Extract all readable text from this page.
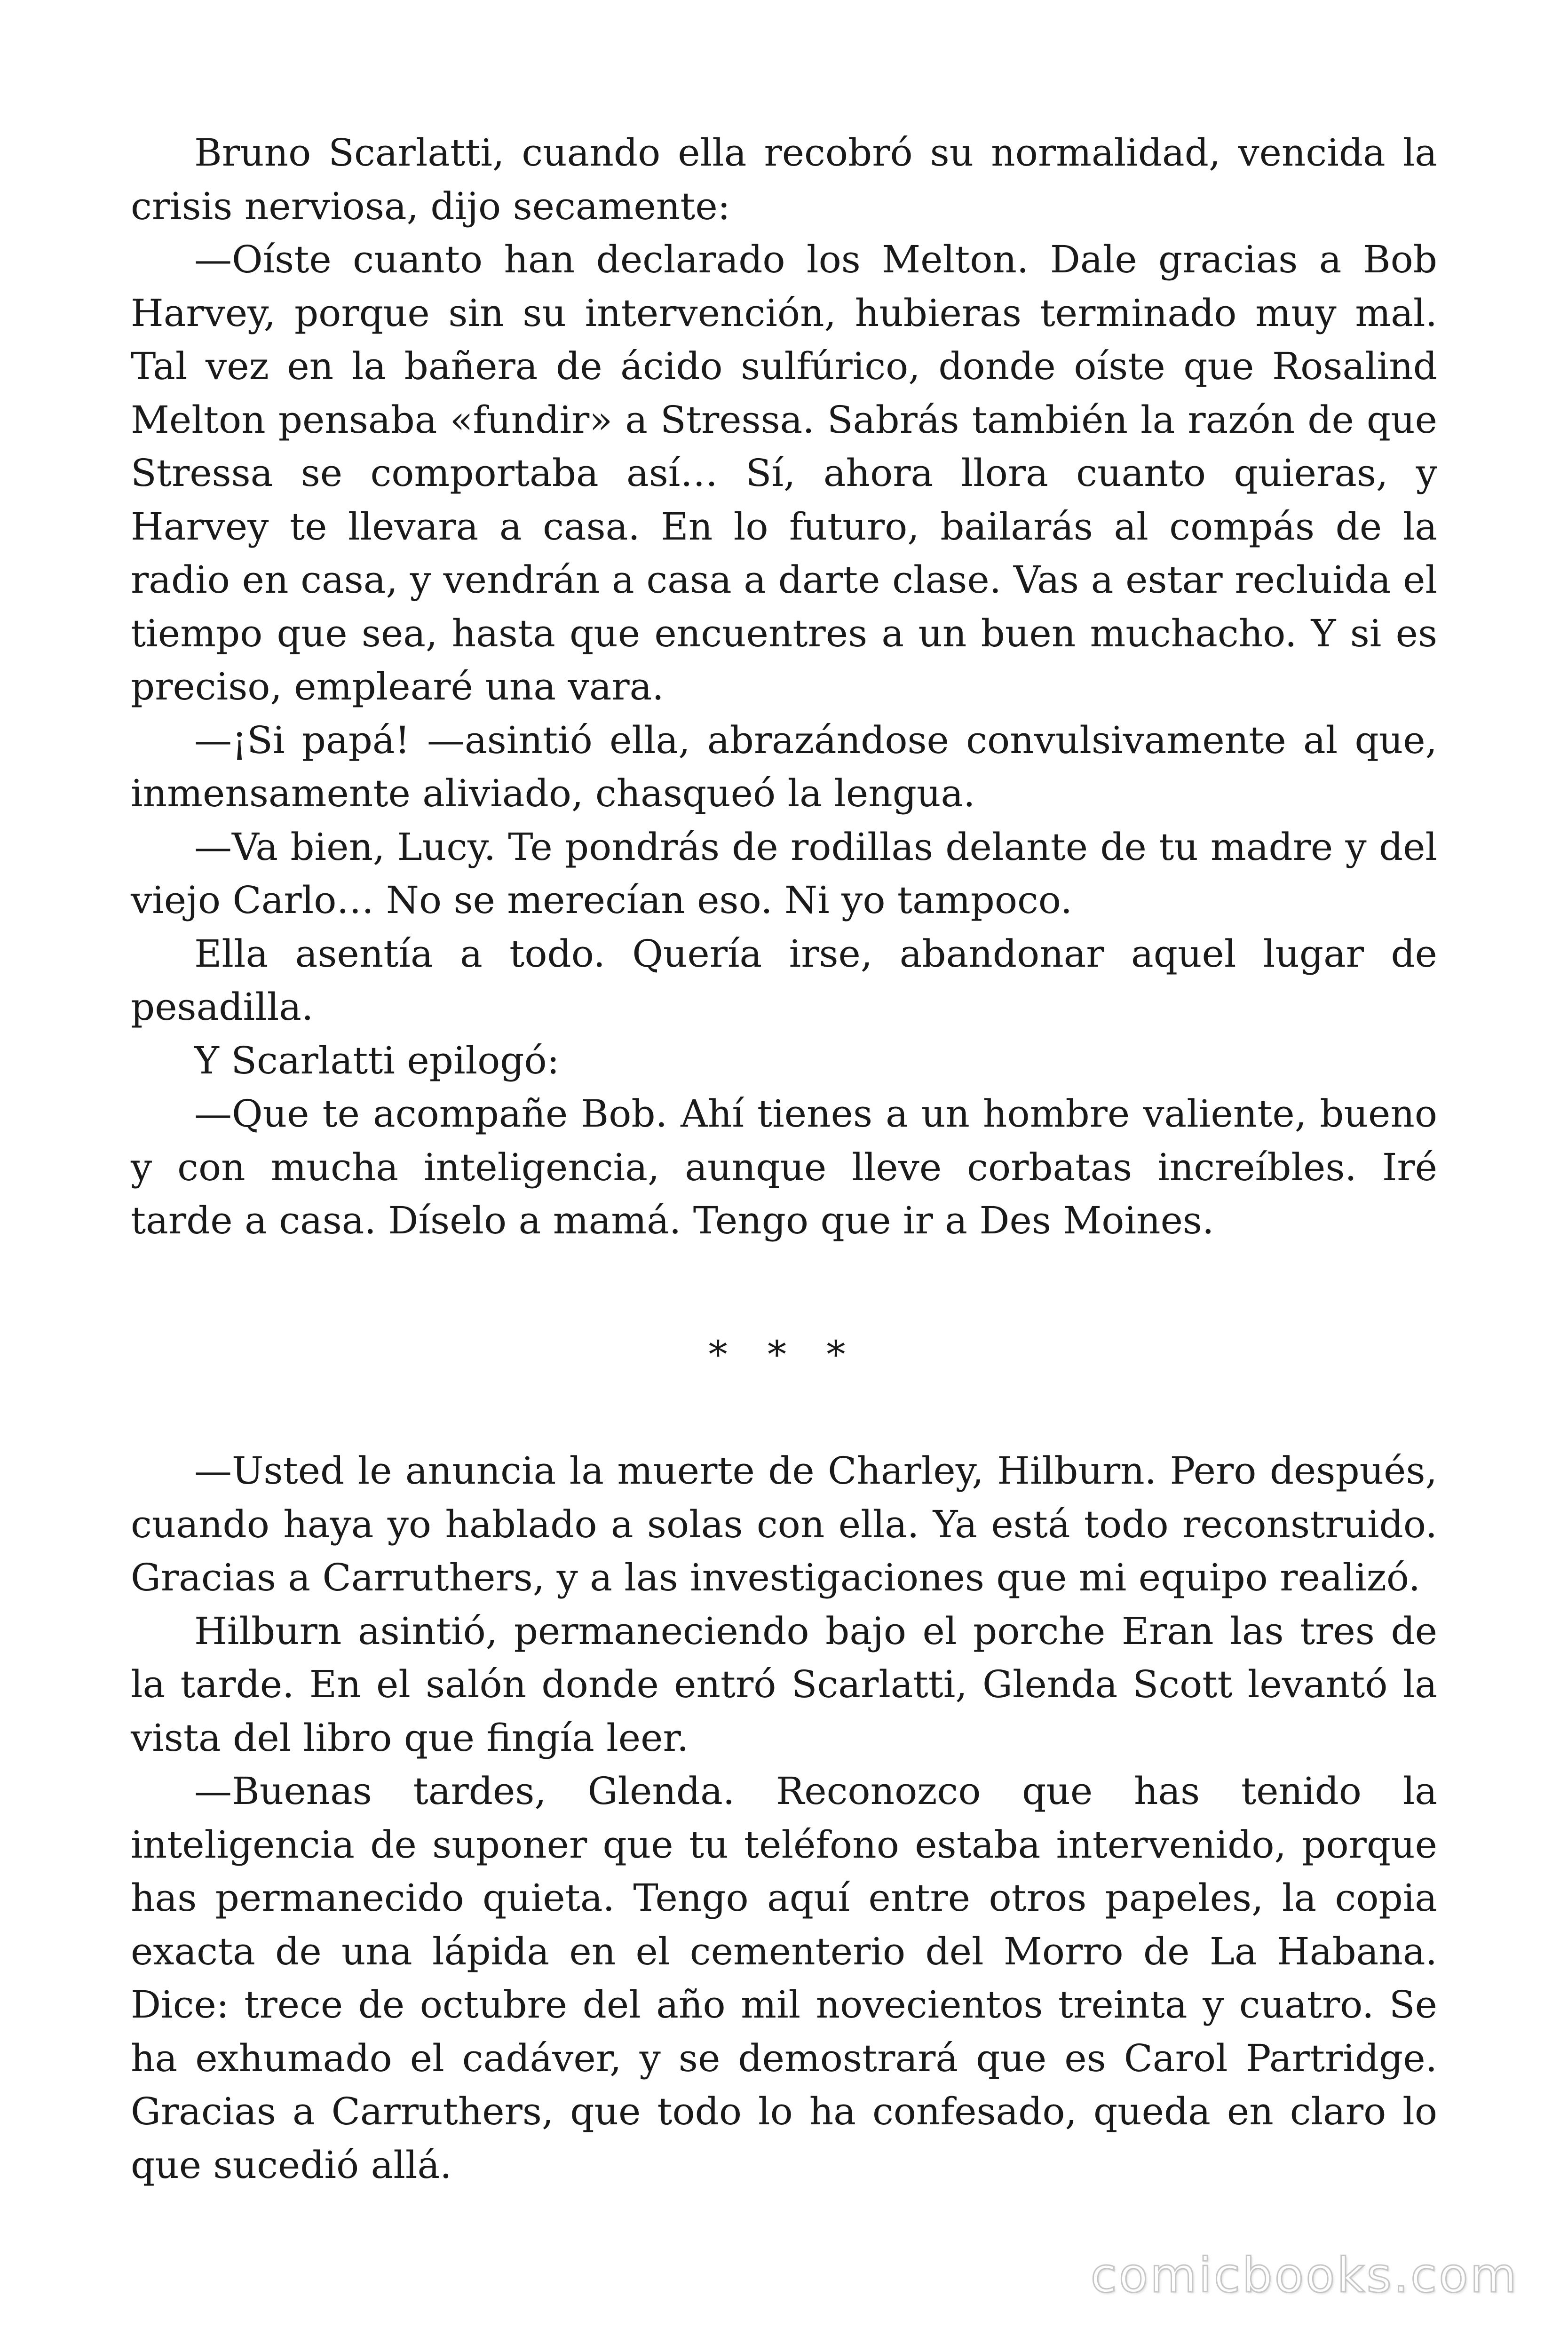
Bruno Scarlatti, cuando ella recobró su normalidad, vencida la crisis nerviosa, dijo secamente:

—Oíste cuanto han declarado los Melton. Dale gracias a Bob Harvey, porque sin su intervención, hubieras terminado muy mal. Tal vez en la bañera de ácido sulfúrico, donde oíste que Rosalind Melton pensaba «fundir» a Stressa. Sabrás también la razón de que Stressa se comportaba así… Sí, ahora llora cuanto quieras, y Harvey te llevara a casa. En lo futuro, bailarás al compás de la radio en casa, y vendrán a casa a darte clase. Vas a estar recluida el tiempo que sea, hasta que encuentres a un buen muchacho. Y si es preciso, emplearé una vara.

—¡Si papá! —asintió ella, abrazándose convulsivamente al que, inmensamente aliviado, chasqueó la lengua.

—Va bien, Lucy. Te pondrás de rodillas delante de tu madre y del viejo Carlo… No se merecían eso. Ni yo tampoco.

Ella asentía a todo. Quería irse, abandonar aquel lugar de pesadilla.

Y Scarlatti epilogó:

—Que te acompañe Bob. Ahí tienes a un hombre valiente, bueno y con mucha inteligencia, aunque lleve corbatas increíbles. Iré tarde a casa. Díselo a mamá. Tengo que ir a Des Moines.

* * *

—Usted le anuncia la muerte de Charley, Hilburn. Pero después, cuando haya yo hablado a solas con ella. Ya está todo reconstruido. Gracias a Carruthers, y a las investigaciones que mi equipo realizó.

Hilburn asintió, permaneciendo bajo el porche Eran las tres de la tarde. En el salón donde entró Scarlatti, Glenda Scott levantó la vista del libro que fingía leer.

—Buenas tardes, Glenda. Reconozco que has tenido la inteligencia de suponer que tu teléfono estaba intervenido, porque has permanecido quieta. Tengo aquí entre otros papeles, la copia exacta de una lápida en el cementerio del Morro de La Habana. Dice: trece de octubre del año mil novecientos treinta y cuatro. Se ha exhumado el cadáver, y se demostrará que es Carol Partridge. Gracias a Carruthers, que todo lo ha confesado, queda en claro lo que sucedió allá.

comicbooks.com
